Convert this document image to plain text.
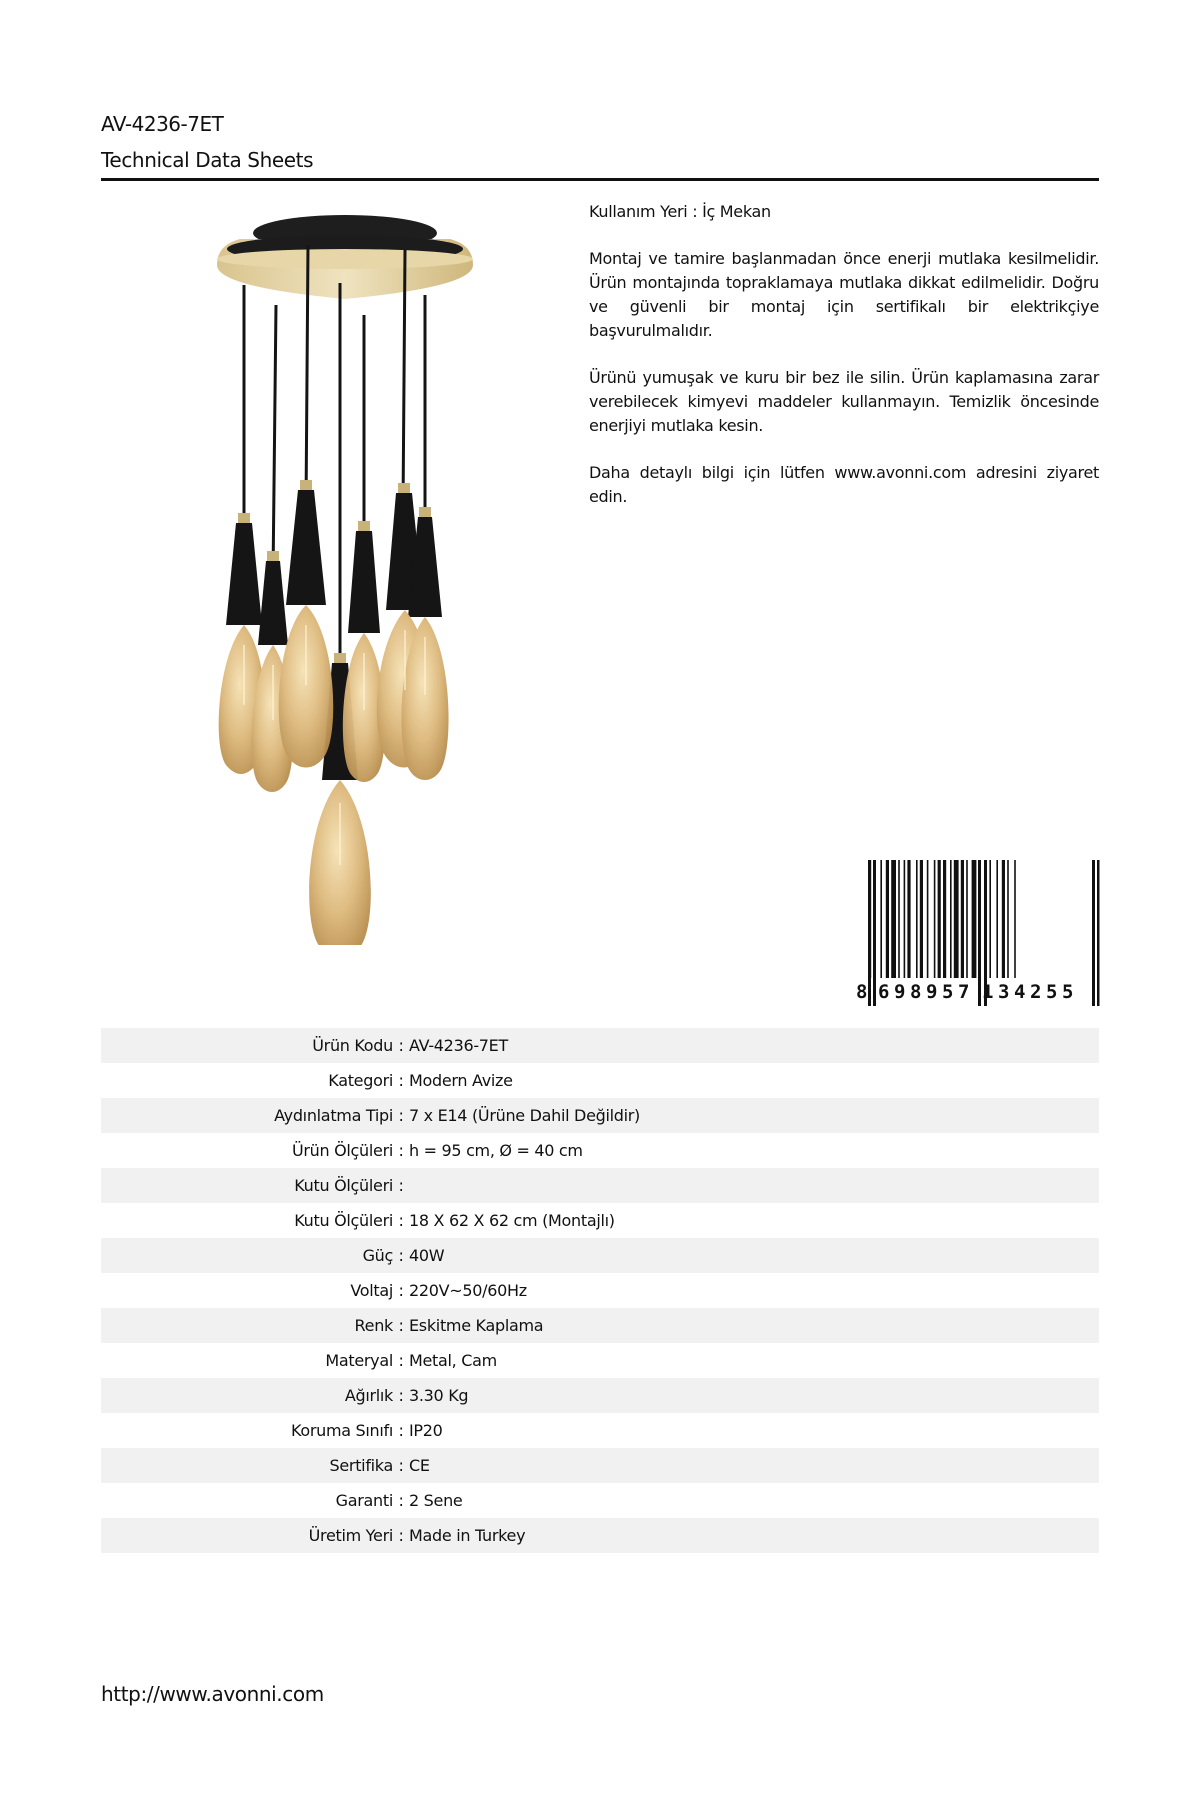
AV-4236-7ET
Technical Data Sheets

Kullanım Yeri : İç Mekan

Montaj ve tamire başlanmadan önce enerji mutlaka kesilmelidir. Ürün montajında topraklamaya mutlaka dikkat edilmelidir. Doğru ve güvenli bir montaj için sertifikalı bir elektrikçiye başvurulmalıdır.

Ürünü yumuşak ve kuru bir bez ile silin. Ürün kaplamasına zarar verebilecek kimyevi maddeler kullanmayın. Temizlik öncesinde enerjiyi mutlaka kesin.

Daha detaylı bilgi için lütfen www.avonni.com adresini ziyaret edin.

8 6 9 8 9 5 7 1 3 4 2 5 5
Ürün Kodu : AV-4236-7ET
Kategori : Modern Avize
Aydınlatma Tipi : 7 x E14 (Ürüne Dahil Değildir)
Ürün Ölçüleri : h = 95 cm, Ø = 40 cm
Kutu Ölçüleri :
Kutu Ölçüleri : 18 X 62 X 62 cm (Montajlı)
Güç : 40W
Voltaj : 220V~50/60Hz
Renk : Eskitme Kaplama
Materyal : Metal, Cam
Ağırlık : 3.30 Kg
Koruma Sınıfı : IP20
Sertifika : CE
Garanti : 2 Sene
Üretim Yeri : Made in Turkey
http://www.avonni.com
